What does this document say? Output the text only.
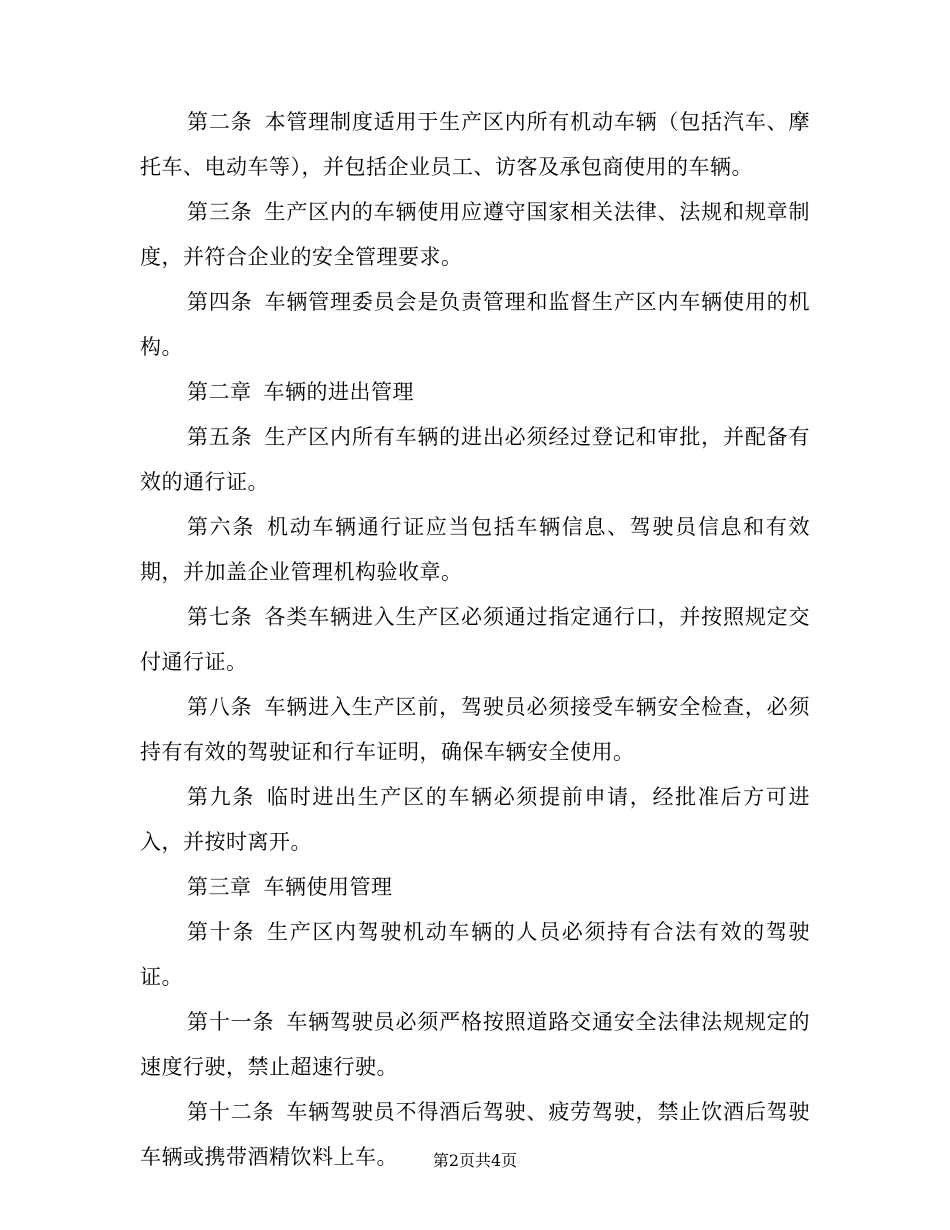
第二条 本管理制度适用于生产区内所有机动车辆（包括汽车、摩托车、电动车等），并包括企业员工、访客及承包商使用的车辆。

第三条 生产区内的车辆使用应遵守国家相关法律、法规和规章制度，并符合企业的安全管理要求。

第四条 车辆管理委员会是负责管理和监督生产区内车辆使用的机构。

第二章 车辆的进出管理

第五条 生产区内所有车辆的进出必须经过登记和审批，并配备有效的通行证。

第六条 机动车辆通行证应当包括车辆信息、驾驶员信息和有效期，并加盖企业管理机构验收章。

第七条 各类车辆进入生产区必须通过指定通行口，并按照规定交付通行证。

第八条 车辆进入生产区前，驾驶员必须接受车辆安全检查，必须持有有效的驾驶证和行车证明，确保车辆安全使用。

第九条 临时进出生产区的车辆必须提前申请，经批准后方可进入，并按时离开。

第三章 车辆使用管理

第十条 生产区内驾驶机动车辆的人员必须持有合法有效的驾驶证。

第十一条 车辆驾驶员必须严格按照道路交通安全法律法规规定的速度行驶，禁止超速行驶。

第十二条 车辆驾驶员不得酒后驾驶、疲劳驾驶，禁止饮酒后驾驶车辆或携带酒精饮料上车。	第2页共4页
